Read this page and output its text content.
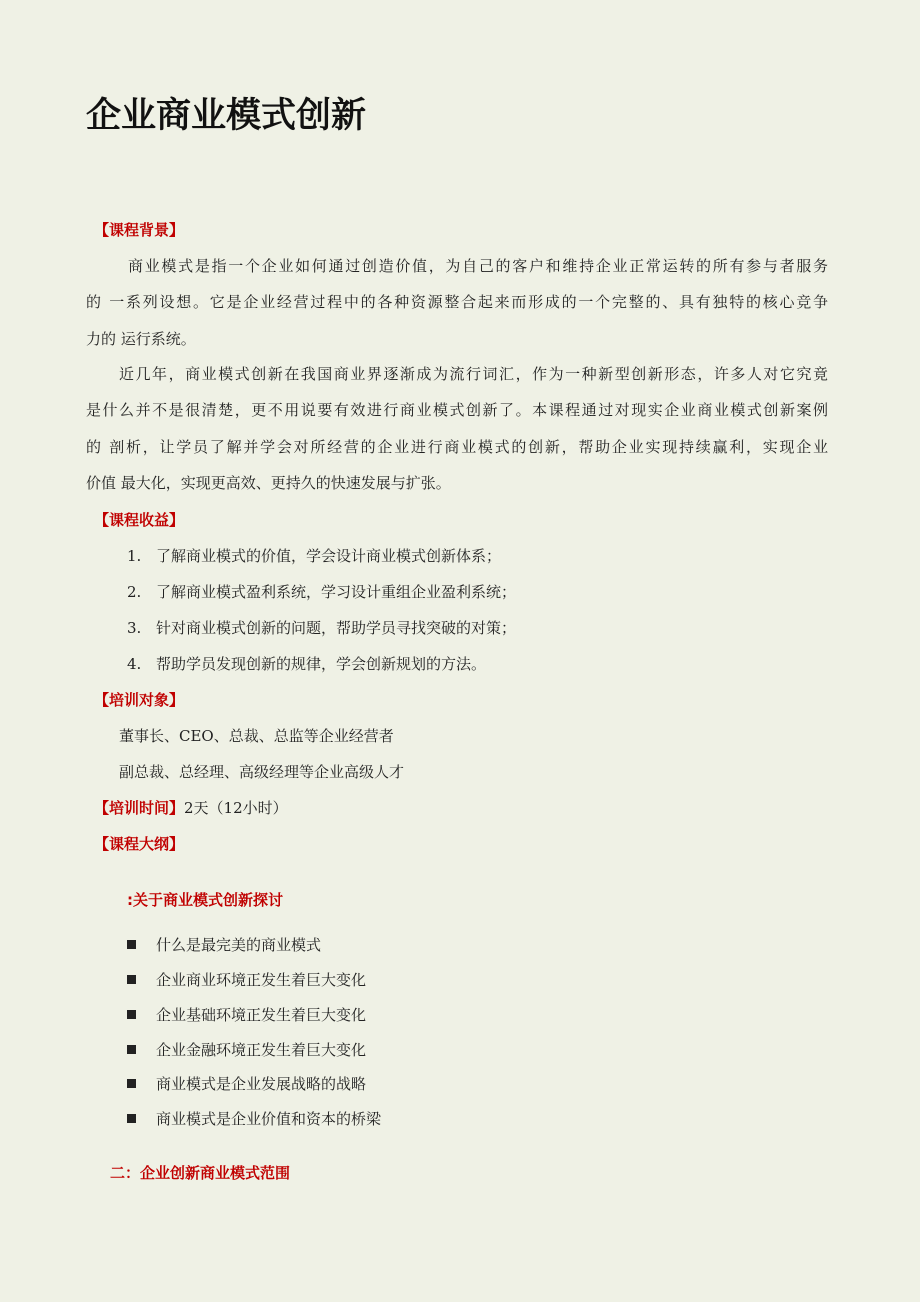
企业商业模式创新
【课程背景】
商业模式是指一个企业如何通过创造价值，为自己的客户和维持企业正常运转的所有参与者服务
的 一系列设想。它是企业经营过程中的各种资源整合起来而形成的一个完整的、具有独特的核心竞争
力的 运行系统。
近几年，商业模式创新在我国商业界逐渐成为流行词汇，作为一种新型创新形态，许多人对它究竟
是什么并不是很清楚，更不用说要有效进行商业模式创新了。本课程通过对现实企业商业模式创新案例
的 剖析，让学员了解并学会对所经营的企业进行商业模式的创新，帮助企业实现持续赢利，实现企业
价值 最大化，实现更高效、更持久的快速发展与扩张。
【课程收益】
1. 了解商业模式的价值，学会设计商业模式创新体系；
2. 了解商业模式盈利系统，学习设计重组企业盈利系统；
3. 针对商业模式创新的问题，帮助学员寻找突破的对策；
4. 帮助学员发现创新的规律，学会创新规划的方法。
【培训对象】
董事长、CEO、总裁、总监等企业经营者
副总裁、总经理、高级经理等企业高级人才
【培训时间】2天（12小时）
【课程大纲】
:关于商业模式创新探讨
什么是最完美的商业模式
企业商业环境正发生着巨大变化
企业基础环境正发生着巨大变化
企业金融环境正发生着巨大变化
商业模式是企业发展战略的战略
商业模式是企业价值和资本的桥梁
二：企业创新商业模式范围
